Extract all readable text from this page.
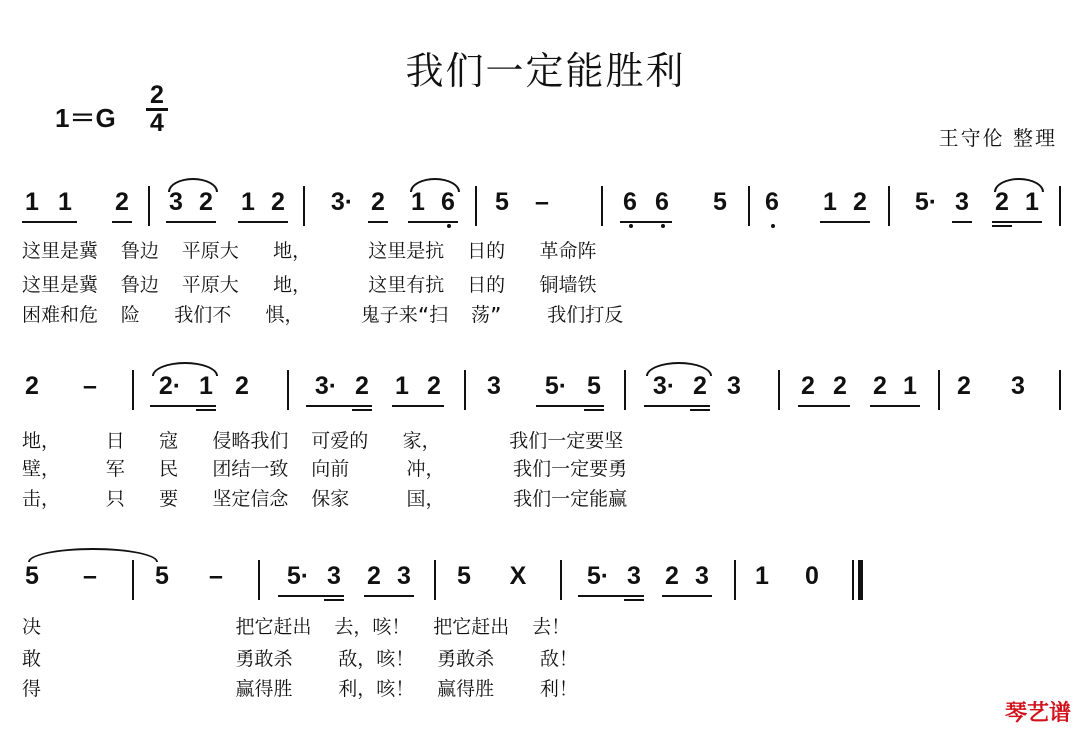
我们一定能胜利
1＝G
2
4
王守伦 整理
1 1 2 3 2 1 2	3· 2 1 6 5 –	6 6 5 6 1 2	5· 3 2 1
这里是冀  鲁边  平原大   地，     这里是抗  日的   革命阵
这里是冀  鲁边  平原大   地，     这里有抗  日的   铜墙铁
困难和危  险   我们不   惧，     鬼子来“扫  荡”    我们打反
2 –	2· 1 2	3· 2 1 2 3	5· 5	3· 2 3 2 2 2 1 2 3
地，    日   寇   侵略我们  可爱的   家，      我们一定要坚
壁，    军   民   团结一致  向前     冲，      我们一定要勇
击，    只   要   坚定信念  保家     国，      我们一定能赢
5 – 5 –	5· 3 2 3 5 X	5· 3 2 3 1 0
决                 把它赶出  去，咳！  把它赶出  去！
敢                 勇敢杀    敌，咳！  勇敢杀    敌！
得                 赢得胜    利，咳！  赢得胜    利！
琴艺谱
